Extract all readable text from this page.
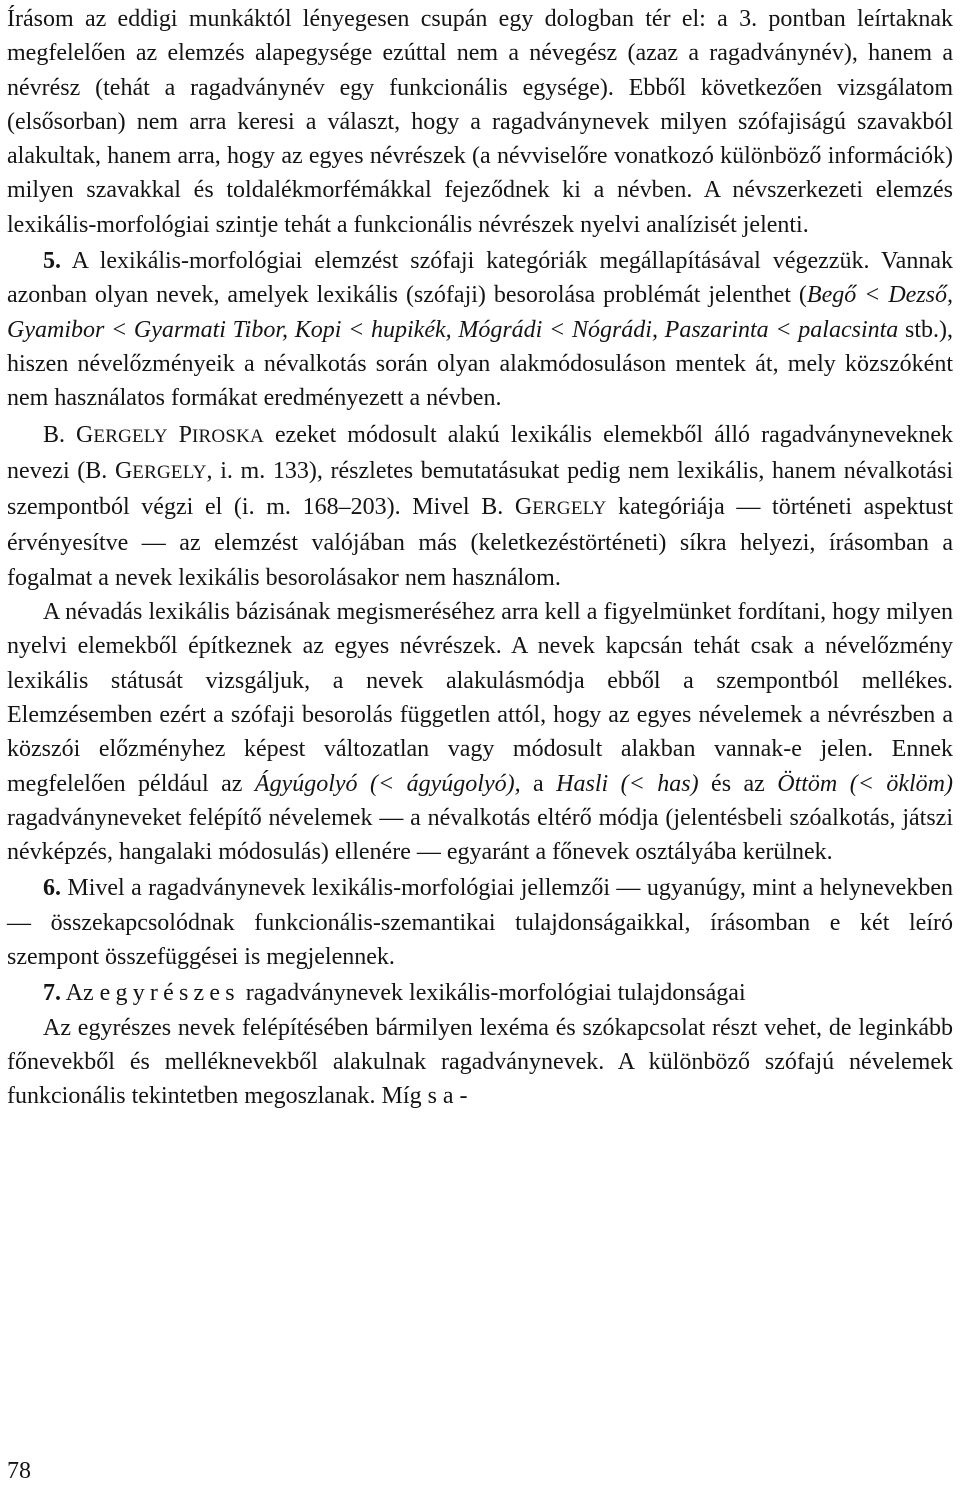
Írásom az eddigi munkáktól lényegesen csupán egy dologban tér el: a 3. pontban leírtaknak megfelelően az elemzés alapegysége ezúttal nem a névegész (azaz a ragadványnév), hanem a névrész (tehát a ragadványnév egy funkcionális egysége). Ebből következően vizsgálatom (elsősorban) nem arra keresi a választ, hogy a ragadványnevek milyen szófajiságú szavakból alakultak, hanem arra, hogy az egyes névrészek (a névviselőre vonatkozó különböző információk) milyen szavakkal és toldalékmorfémákkal fejeződnek ki a névben. A névszerkezeti elemzés lexikális-morfológiai szintje tehát a funkcionális névrészek nyelvi analízisét jelenti.

5. A lexikális-morfológiai elemzést szófaji kategóriák megállapításával végezzük. Vannak azonban olyan nevek, amelyek lexikális (szófaji) besorolása problémát jelenthet (Begő < Dezső, Gyamibor < Gyarmati Tibor, Kopi < hupikék, Mógrádi < Nógrádi, Paszarinta < palacsinta stb.), hiszen névelőzményeik a névalkotás során olyan alakmódosuláson mentek át, mely közszóként nem használatos formákat eredményezett a névben.

B. GERGELY PIROSKA ezeket módosult alakú lexikális elemekből álló ragadványneveknek nevezi (B. GERGELY, i. m. 133), részletes bemutatásukat pedig nem lexikális, hanem névalkotási szempontból végzi el (i. m. 168–203). Mivel B. GERGELY kategóriája — történeti aspektust érvényesítve — az elemzést valójában más (keletkezéstörténeti) síkra helyezi, írásomban a fogalmat a nevek lexikális besorolásakor nem használom.

A névadás lexikális bázisának megismeréséhez arra kell a figyelmünket fordítani, hogy milyen nyelvi elemekből építkeznek az egyes névrészek. A nevek kapcsán tehát csak a névelőzmény lexikális státusát vizsgáljuk, a nevek alakulásmódja ebből a szempontból mellékes. Elemzésemben ezért a szófaji besorolás független attól, hogy az egyes névelemek a névrészben a közszói előzményhez képest változatlan vagy módosult alakban vannak-e jelen. Ennek megfelelően például az Ágyúgolyó (< ágyúgolyó), a Hasli (< has) és az Öttöm (< öklöm) ragadványneveket felépítő névelemek — a névalkotás eltérő módja (jelentésbeli szóalkotás, játszi névképzés, hangalaki módosulás) ellenére — egyaránt a főnevek osztályába kerülnek.

6. Mivel a ragadványnevek lexikális-morfológiai jellemzői — ugyanúgy, mint a helynevekben — összekapcsolódnak funkcionális-szemantikai tulajdonságaikkal, írásomban e két leíró szempont összefüggései is megjelennek.

7. Az egyrészes ragadványnevek lexikális-morfológiai tulajdonságai

Az egyrészes nevek felépítésében bármilyen lexéma és szókapcsolat részt vehet, de leginkább főnevekből és melléknevekből alakulnak ragadványnevek. A különböző szófajú névelemek funkcionális tekintetben megoszlanak. Míg s a -

78
